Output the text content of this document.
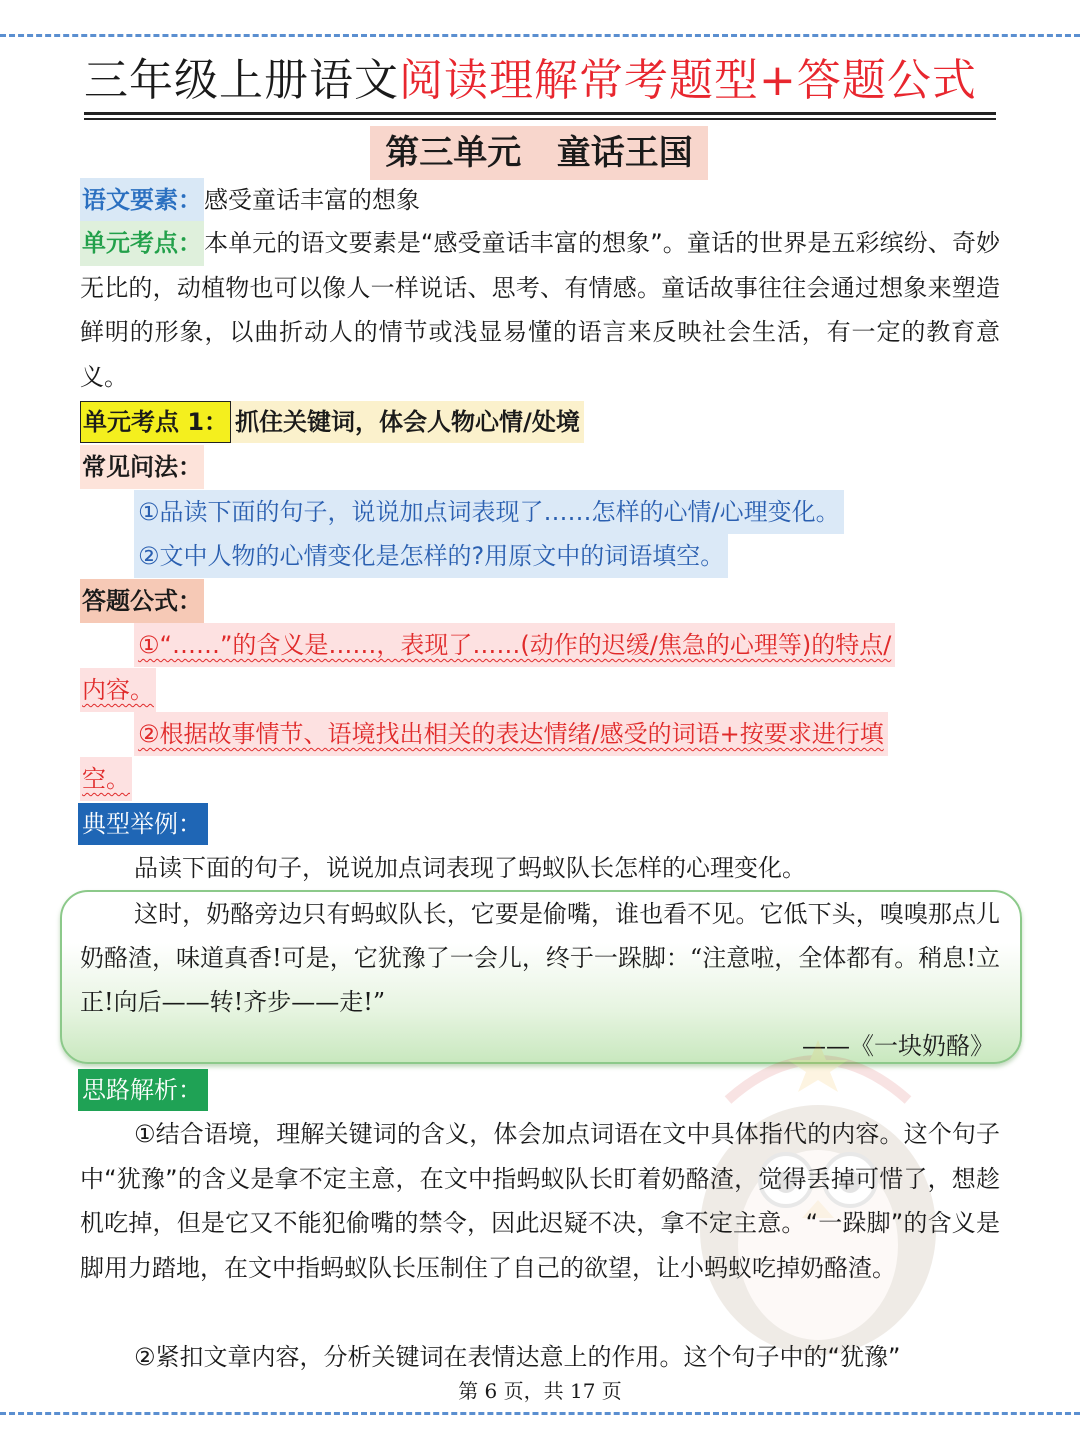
三年级上册语文阅读理解常考题型+答题公式
第三单元   童话王国
语文要素：感受童话丰富的想象
单元考点：本单元的语文要素是“感受童话丰富的想象”。童话的世界是五彩缤纷、奇妙无比的，动植物也可以像人一样说话、思考、有情感。童话故事往往会通过想象来塑造鲜明的形象，以曲折动人的情节或浅显易懂的语言来反映社会生活，有一定的教育意义。
单元考点 1： 抓住关键词，体会人物心情/处境
常见问法：
①品读下面的句子，说说加点词表现了……怎样的心情/心理变化。
②文中人物的心情变化是怎样的?用原文中的词语填空。
答题公式：
①“……”的含义是……，表现了……(动作的迟缓/焦急的心理等)的特点/
内容。
②根据故事情节、语境找出相关的表达情绪/感受的词语+按要求进行填
空。
典型举例：
品读下面的句子，说说加点词表现了蚂蚁队长怎样的心理变化。
这时，奶酪旁边只有蚂蚁队长，它要是偷嘴，谁也看不见。它低下头，嗅嗅那点儿奶酪渣，味道真香!可是，它犹豫了一会儿，终于一跺脚：“注意啦，全体都有。稍息!立正!向后——转!齐步——走!”
——《一块奶酪》
思路解析：
①结合语境，理解关键词的含义，体会加点词语在文中具体指代的内容。这个句子中“犹豫”的含义是拿不定主意，在文中指蚂蚁队长盯着奶酪渣，觉得丢掉可惜了，想趁机吃掉，但是它又不能犯偷嘴的禁令，因此迟疑不决，拿不定主意。“一跺脚”的含义是脚用力踏地，在文中指蚂蚁队长压制住了自己的欲望，让小蚂蚁吃掉奶酪渣。
②紧扣文章内容，分析关键词在表情达意上的作用。这个句子中的“犹豫”
第 6 页，共 17 页
